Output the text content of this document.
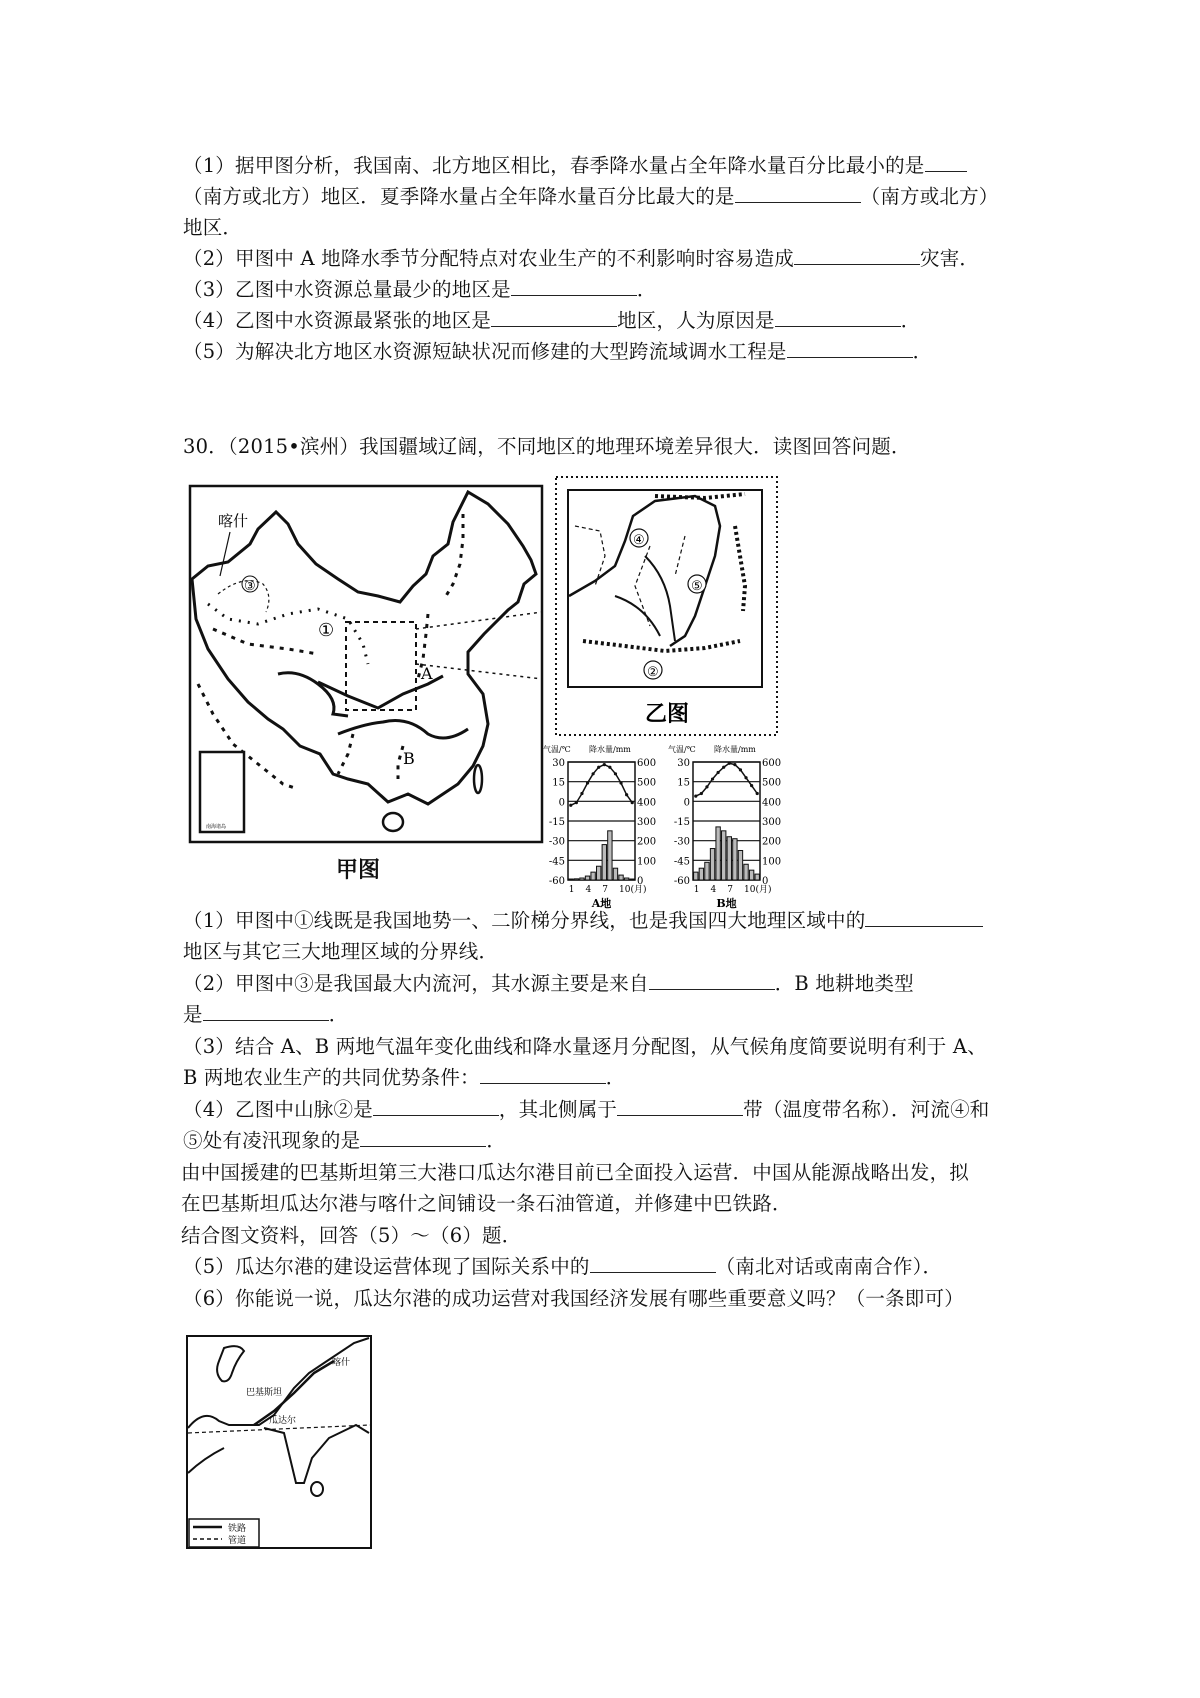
（1）据甲图分析，我国南、北方地区相比，春季降水量占全年降水量百分比最小的是
（南方或北方）地区．夏季降水量占全年降水量百分比最大的是	（南方或北方）
地区．
（2）甲图中 A 地降水季节分配特点对农业生产的不利影响时容易造成	灾害．
（3）乙图中水资源总量最少的地区是	．
（4）乙图中水资源最紧张的地区是	地区，人为原因是	．
（5）为解决北方地区水资源短缺状况而修建的大型跨流域调水工程是	．
30．（2015•滨州）我国疆域辽阔，不同地区的地理环境差异很大．读图回答问题．
喀什
③
①
A
B
南海诸岛
甲图
④
⑤
②
乙图
气温/℃ 降水量/mm
30
15
0
-15
-30
-45
-60
600
500
400
300
200
100
0
1 4 7 10(月)
A地
气温/℃ 降水量/mm
30
15
0
-15
-30
-45
-60
600
500
400
300
200
100
0
1 4 7 10(月)
B地
（1）甲图中①线既是我国地势一、二阶梯分界线，也是我国四大地理区域中的
地区与其它三大地理区域的分界线．
（2）甲图中③是我国最大内流河，其水源主要是来自	．B 地耕地类型
是	．
（3）结合 A、B 两地气温年变化曲线和降水量逐月分配图，从气候角度简要说明有利于 A、
B 两地农业生产的共同优势条件：	．
（4）乙图中山脉②是	，其北侧属于	带（温度带名称）．河流④和
⑤处有凌汛现象的是	．
由中国援建的巴基斯坦第三大港口瓜达尔港目前已全面投入运营．中国从能源战略出发，拟
在巴基斯坦瓜达尔港与喀什之间铺设一条石油管道，并修建中巴铁路．
结合图文资料，回答（5）～（6）题．
（5）瓜达尔港的建设运营体现了国际关系中的	（南北对话或南南合作）．
（6）你能说一说，瓜达尔港的成功运营对我国经济发展有哪些重要意义吗？（一条即可）
喀什
巴基斯坦
瓜达尔
铁路
管道
